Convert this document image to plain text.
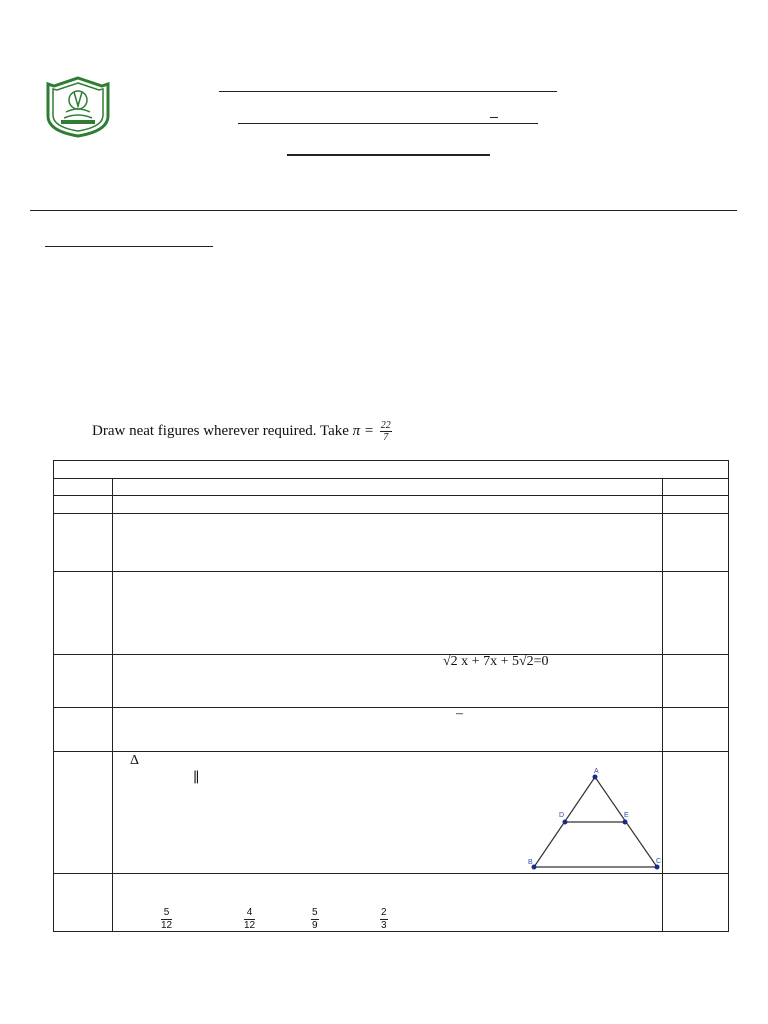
Draw neat figures wherever required. Take $\pi = \frac{22}{7}$

√2 x + 7x + 5√2=0
–
Δ
∥	A
B	C
D	E
$\frac{5}{12}$	$\frac{4}{12}$	$\frac{5}{9}$	$\frac{2}{3}$
